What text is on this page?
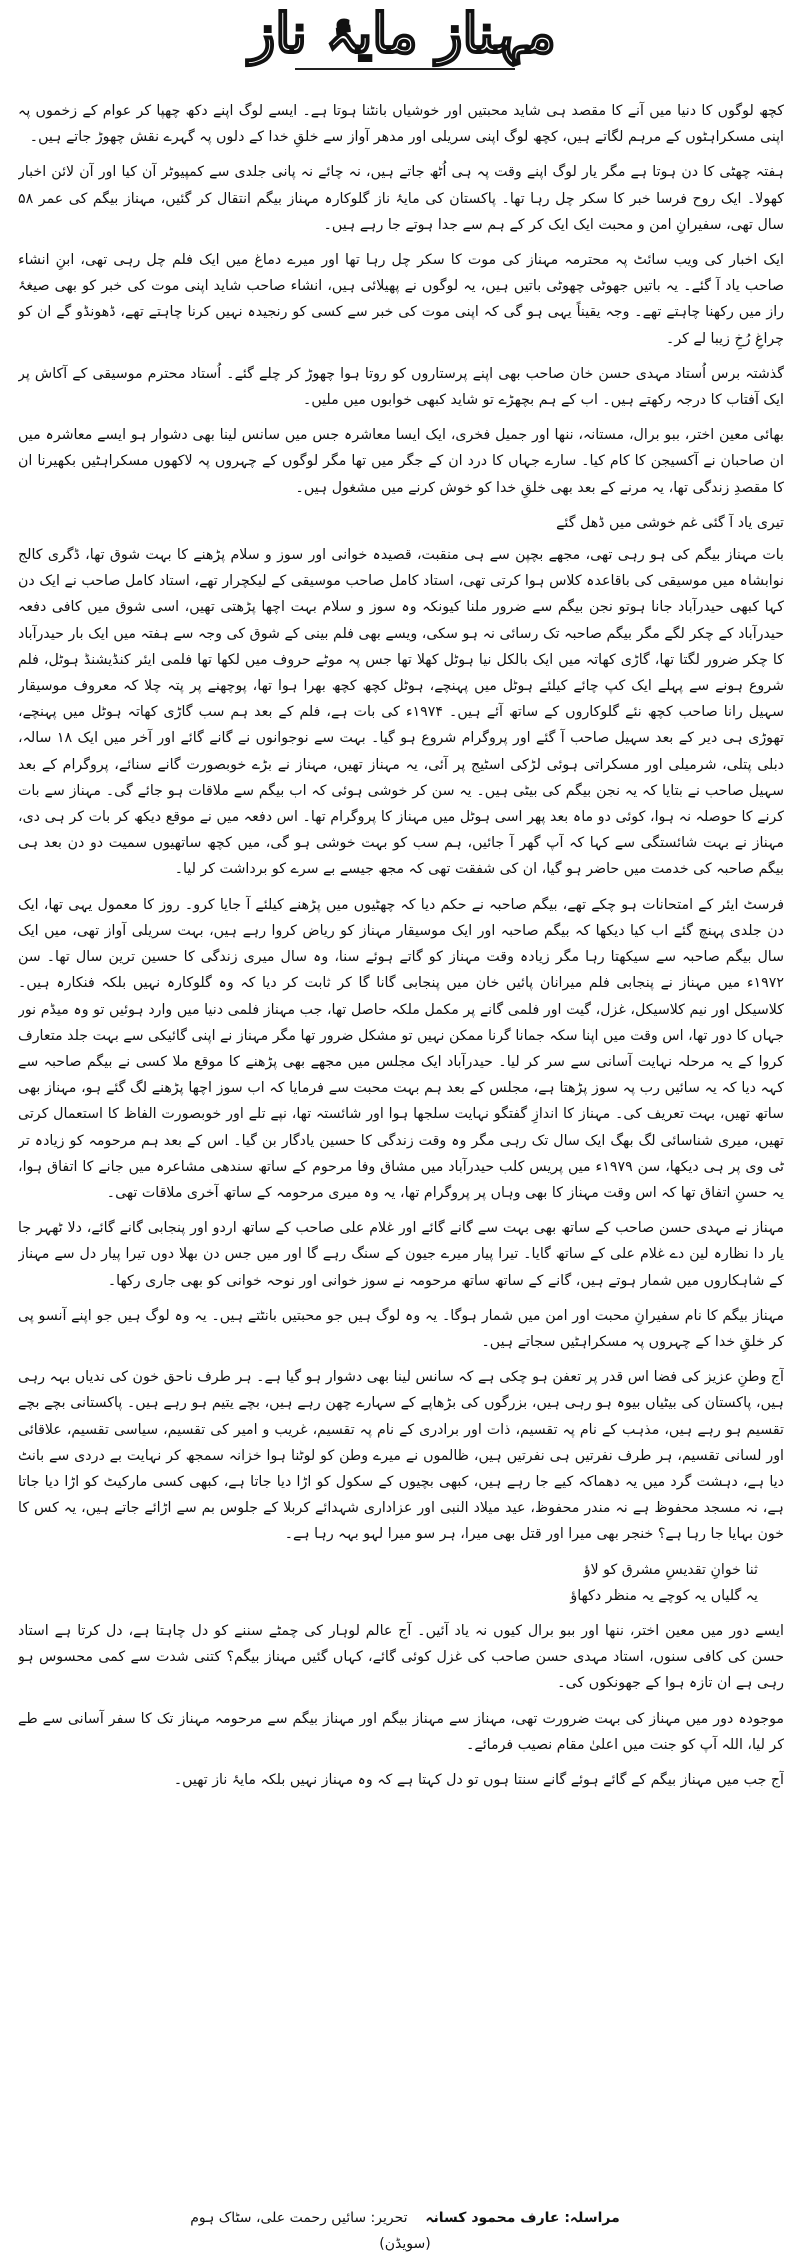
مہناز مایۂ ناز

کچھ لوگوں کا دنیا میں آنے کا مقصد ہی شاید محبتیں اور خوشیاں بانٹنا ہوتا ہے۔ ایسے لوگ اپنے دکھ چھپا کر عوام کے زخموں پہ اپنی مسکراہٹوں کے مرہم لگاتے ہیں، کچھ لوگ اپنی سریلی اور مدھر آواز سے خلقِ خدا کے دلوں پہ گہرے نقش چھوڑ جاتے ہیں۔

ہفتہ چھٹی کا دن ہوتا ہے مگر یار لوگ اپنے وقت پہ ہی اُٹھ جاتے ہیں، نہ چائے نہ پانی جلدی سے کمپیوٹر آن کیا اور آن لائن اخبار کھولا۔ ایک روح فرسا خبر کا سکر چل رہا تھا۔ پاکستان کی مایۂ ناز گلوکارہ مہناز بیگم انتقال کر گئیں، مہناز بیگم کی عمر ۵۸ سال تھی، سفیرانِ امن و محبت ایک ایک کر کے ہم سے جدا ہوتے جا رہے ہیں۔

ایک اخبار کی ویب سائٹ پہ محترمہ مہناز کی موت کا سکر چل رہا تھا اور میرے دماغ میں ایک فلم چل رہی تھی، ابنِ انشاء صاحب یاد آ گئے۔ یہ باتیں جھوٹی چھوٹی باتیں ہیں، یہ لوگوں نے پھیلائی ہیں، انشاء صاحب شاید اپنی موت کی خبر کو بھی صیغۂ راز میں رکھنا چاہتے تھے۔ وجہ یقیناً یہی ہو گی کہ اپنی موت کی خبر سے کسی کو رنجیدہ نہیں کرنا چاہتے تھے، ڈھونڈو گے ان کو چراغِ رُخِ زیبا لے کر۔

گذشتہ برس اُستاد مہدی حسن خان صاحب بھی اپنے پرستاروں کو روتا ہوا چھوڑ کر چلے گئے۔ اُستاد محترم موسیقی کے آکاش پر ایک آفتاب کا درجہ رکھتے ہیں۔ اب کے ہم بچھڑے تو شاید کبھی خوابوں میں ملیں۔

بھائی معین اختر، ببو برال، مستانہ، ننھا اور جمیل فخری، ایک ایسا معاشرہ جس میں سانس لینا بھی دشوار ہو ایسے معاشرہ میں ان صاحبان نے آکسیجن کا کام کیا۔ سارے جہاں کا درد ان کے جگر میں تھا مگر لوگوں کے چہروں پہ لاکھوں مسکراہٹیں بکھیرنا ان کا مقصدِ زندگی تھا، یہ مرنے کے بعد بھی خلقِ خدا کو خوش کرنے میں مشغول ہیں۔

تیری یاد آ گئی غم خوشی میں ڈھل گئے

بات مہناز بیگم کی ہو رہی تھی، مجھے بچپن سے ہی منقبت، قصیدہ خوانی اور سوز و سلام پڑھنے کا بہت شوق تھا، ڈگری کالج نوابشاہ میں موسیقی کی باقاعدہ کلاس ہوا کرتی تھی، استاد کامل صاحب موسیقی کے لیکچرار تھے، استاد کامل صاحب نے ایک دن کہا کبھی حیدرآباد جانا ہوتو نجن بیگم سے ضرور ملنا کیونکہ وہ سوز و سلام بہت اچھا پڑھتی تھیں، اسی شوق میں کافی دفعہ حیدرآباد کے چکر لگے مگر بیگم صاحبہ تک رسائی نہ ہو سکی، ویسے بھی فلم بینی کے شوق کی وجہ سے ہفتہ میں ایک بار حیدرآباد کا چکر ضرور لگتا تھا، گاڑی کھاتہ میں ایک بالکل نیا ہوٹل کھلا تھا جس پہ موٹے حروف میں لکھا تھا فلمی ایئر کنڈیشنڈ ہوٹل، فلم شروع ہونے سے پہلے ایک کپ چائے کیلئے ہوٹل میں پہنچے، ہوٹل کچھ کچھ بھرا ہوا تھا، پوچھنے پر پتہ چلا کہ معروف موسیقار سہیل رانا صاحب کچھ نئے گلوکاروں کے ساتھ آئے ہیں۔ ۱۹۷۴ء کی بات ہے، فلم کے بعد ہم سب گاڑی کھاتہ ہوٹل میں پہنچے، تھوڑی ہی دیر کے بعد سہیل صاحب آ گئے اور پروگرام شروع ہو گیا۔ بہت سے نوجوانوں نے گانے گائے اور آخر میں ایک ۱۸ سالہ، دبلی پتلی، شرمیلی اور مسکراتی ہوئی لڑکی اسٹیج پر آئی، یہ مہناز تھیں، مہناز نے بڑے خوبصورت گانے سنائے، پروگرام کے بعد سہیل صاحب نے بتایا کہ یہ نجن بیگم کی بیٹی ہیں۔ یہ سن کر خوشی ہوئی کہ اب بیگم سے ملاقات ہو جائے گی۔ مہناز سے بات کرنے کا حوصلہ نہ ہوا، کوئی دو ماہ بعد پھر اسی ہوٹل میں مہناز کا پروگرام تھا۔ اس دفعہ میں نے موقع دیکھ کر بات کر ہی دی، مہناز نے بہت شائستگی سے کہا کہ آپ گھر آ جائیں، ہم سب کو بہت خوشی ہو گی، میں کچھ ساتھیوں سمیت دو دن بعد ہی بیگم صاحبہ کی خدمت میں حاضر ہو گیا، ان کی شفقت تھی کہ مجھ جیسے بے سرے کو برداشت کر لیا۔

فرسٹ ایئر کے امتحانات ہو چکے تھے، بیگم صاحبہ نے حکم دیا کہ چھٹیوں میں پڑھنے کیلئے آ جایا کرو۔ روز کا معمول یہی تھا، ایک دن جلدی پہنچ گئے اب کیا دیکھا کہ بیگم صاحبہ اور ایک موسیقار مہناز کو ریاض کروا رہے ہیں، بہت سریلی آواز تھی، میں ایک سال بیگم صاحبہ سے سیکھتا رہا مگر زیادہ وقت مہناز کو گاتے ہوئے سنا، وہ سال میری زندگی کا حسین ترین سال تھا۔ سن ۱۹۷۲ء میں مہناز نے پنجابی فلم میرانان پائیں خان میں پنجابی گانا گا کر ثابت کر دیا کہ وہ گلوکارہ نہیں بلکہ فنکارہ ہیں۔ کلاسیکل اور نیم کلاسیکل، غزل، گیت اور فلمی گانے پر مکمل ملکہ حاصل تھا، جب مہناز فلمی دنیا میں وارد ہوئیں تو وہ میڈم نور جہاں کا دور تھا، اس وقت میں اپنا سکہ جمانا گرنا ممکن نہیں تو مشکل ضرور تھا مگر مہناز نے اپنی گائیکی سے بہت جلد متعارف کروا کے یہ مرحلہ نہایت آسانی سے سر کر لیا۔ حیدرآباد ایک مجلس میں مجھے بھی پڑھنے کا موقع ملا کسی نے بیگم صاحبہ سے کہہ دیا کہ یہ سائیں رب پہ سوز پڑھتا ہے، مجلس کے بعد ہم بہت محبت سے فرمایا کہ اب سوز اچھا پڑھنے لگ گئے ہو، مہناز بھی ساتھ تھیں، بہت تعریف کی۔ مہناز کا اندازِ گفتگو نہایت سلجھا ہوا اور شائستہ تھا، نپے تلے اور خوبصورت الفاظ کا استعمال کرتی تھیں، میری شناسائی لگ بھگ ایک سال تک رہی مگر وہ وقت زندگی کا حسین یادگار بن گیا۔ اس کے بعد ہم مرحومہ کو زیادہ تر ٹی وی پر ہی دیکھا، سن ۱۹۷۹ء میں پریس کلب حیدرآباد میں مشاق وفا مرحوم کے ساتھ سندھی مشاعرہ میں جانے کا اتفاق ہوا، یہ حسنِ اتفاق تھا کہ اس وقت مہناز کا بھی وہاں پر پروگرام تھا، یہ وہ میری مرحومہ کے ساتھ آخری ملاقات تھی۔

مہناز نے مہدی حسن صاحب کے ساتھ بھی بہت سے گانے گائے اور غلام علی صاحب کے ساتھ اردو اور پنجابی گانے گائے، دلا ٹھہر جا یار دا نظارہ لین دے غلام علی کے ساتھ گایا۔ تیرا پیار میرے جیون کے سنگ رہے گا اور میں جس دن بھلا دوں تیرا پیار دل سے مہناز کے شاہکاروں میں شمار ہوتے ہیں، گانے کے ساتھ ساتھ مرحومہ نے سوز خوانی اور نوحہ خوانی کو بھی جاری رکھا۔

مہناز بیگم کا نام سفیرانِ محبت اور امن میں شمار ہوگا۔ یہ وہ لوگ ہیں جو محبتیں بانٹتے ہیں۔ یہ وہ لوگ ہیں جو اپنے آنسو پی کر خلقِ خدا کے چہروں پہ مسکراہٹیں سجاتے ہیں۔

آج وطنِ عزیز کی فضا اس قدر پر تعفن ہو چکی ہے کہ سانس لینا بھی دشوار ہو گیا ہے۔ ہر طرف ناحق خون کی ندیاں بہہ رہی ہیں، پاکستان کی بیٹیاں بیوہ ہو رہی ہیں، بزرگوں کی بڑھاپے کے سہارے چھن رہے ہیں، بچے یتیم ہو رہے ہیں۔ پاکستانی بچے بچے تقسیم ہو رہے ہیں، مذہب کے نام پہ تقسیم، ذات اور برادری کے نام پہ تقسیم، غریب و امیر کی تقسیم، سیاسی تقسیم، علاقائی اور لسانی تقسیم، ہر طرف نفرتیں ہی نفرتیں ہیں، ظالموں نے میرے وطن کو لوٹنا ہوا خزانہ سمجھ کر نہایت بے دردی سے بانٹ دیا ہے، دہشت گرد میں یہ دھماکہ کیے جا رہے ہیں، کبھی بچیوں کے سکول کو اڑا دیا جاتا ہے، کبھی کسی مارکیٹ کو اڑا دیا جاتا ہے، نہ مسجد محفوظ ہے نہ مندر محفوظ، عید میلاد النبی اور عزاداری شہدائے کربلا کے جلوس بم سے اڑائے جاتے ہیں، یہ کس کا خون بہایا جا رہا ہے؟ خنجر بھی میرا اور قتل بھی میرا، ہر سو میرا لہو بہہ رہا ہے۔

ثنا خوانِ تقدیسِ مشرق کو لاؤ

یہ گلیاں یہ کوچے یہ منظر دکھاؤ

ایسے دور میں معین اختر، ننھا اور ببو برال کیوں نہ یاد آئیں۔ آج عالم لوہار کی چمٹے سننے کو دل چاہتا ہے، دل کرتا ہے استاد حسن کی کافی سنوں، استاد مہدی حسن صاحب کی غزل کوئی گائے، کہاں گئیں مہناز بیگم؟ کتنی شدت سے کمی محسوس ہو رہی ہے ان تازہ ہوا کے جھونکوں کی۔

موجودہ دور میں مہناز کی بہت ضرورت تھی، مہناز سے مہناز بیگم اور مہناز بیگم سے مرحومہ مہناز تک کا سفر آسانی سے طے کر لیا، اللہ آپ کو جنت میں اعلیٰ مقام نصیب فرمائے۔

آج جب میں مہناز بیگم کے گائے ہوئے گانے سنتا ہوں تو دل کہتا ہے کہ وہ مہناز نہیں بلکہ مایۂ ناز تھیں۔

مراسلہ: عارف محمود کسانہ    تحریر: سائیں رحمت علی، سٹاک ہوم (سویڈن)
